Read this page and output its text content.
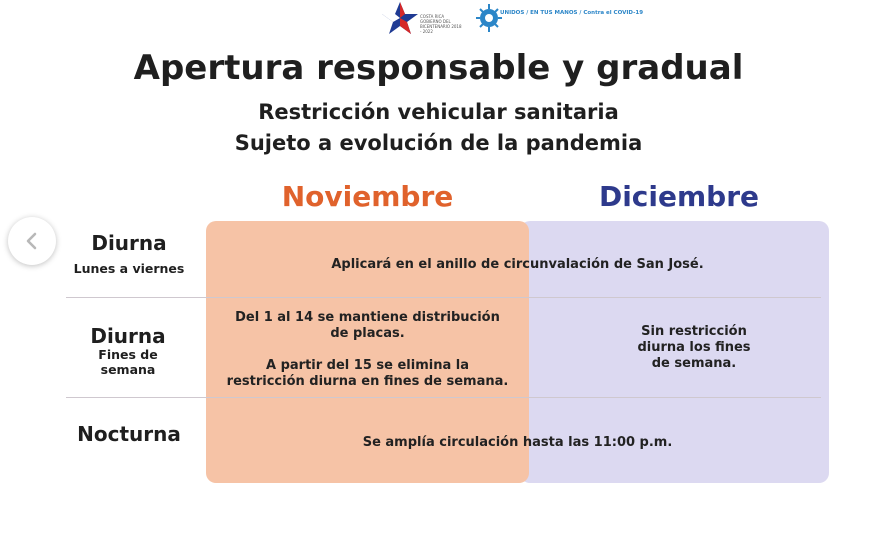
COSTA RICA GOBIERNO DEL BICENTENARIO 2018 - 2022
UNIDOS / EN TUS MANOS / Contra el COVID-19
Apertura responsable y gradual
Restricción vehicular sanitaria
Sujeto a evolución de la pandemia
Noviembre	Diciembre
Diurna
Lunes a viernes
Diurna
Fines de semana
Nocturna
Aplicará en el anillo de circunvalación de San José.
Del 1 al 14 se mantiene distribución de placas.
A partir del 15 se elimina la restricción diurna en fines de semana.
Sin restricción diurna los fines de semana.
Se amplía circulación hasta las 11:00 p.m.
